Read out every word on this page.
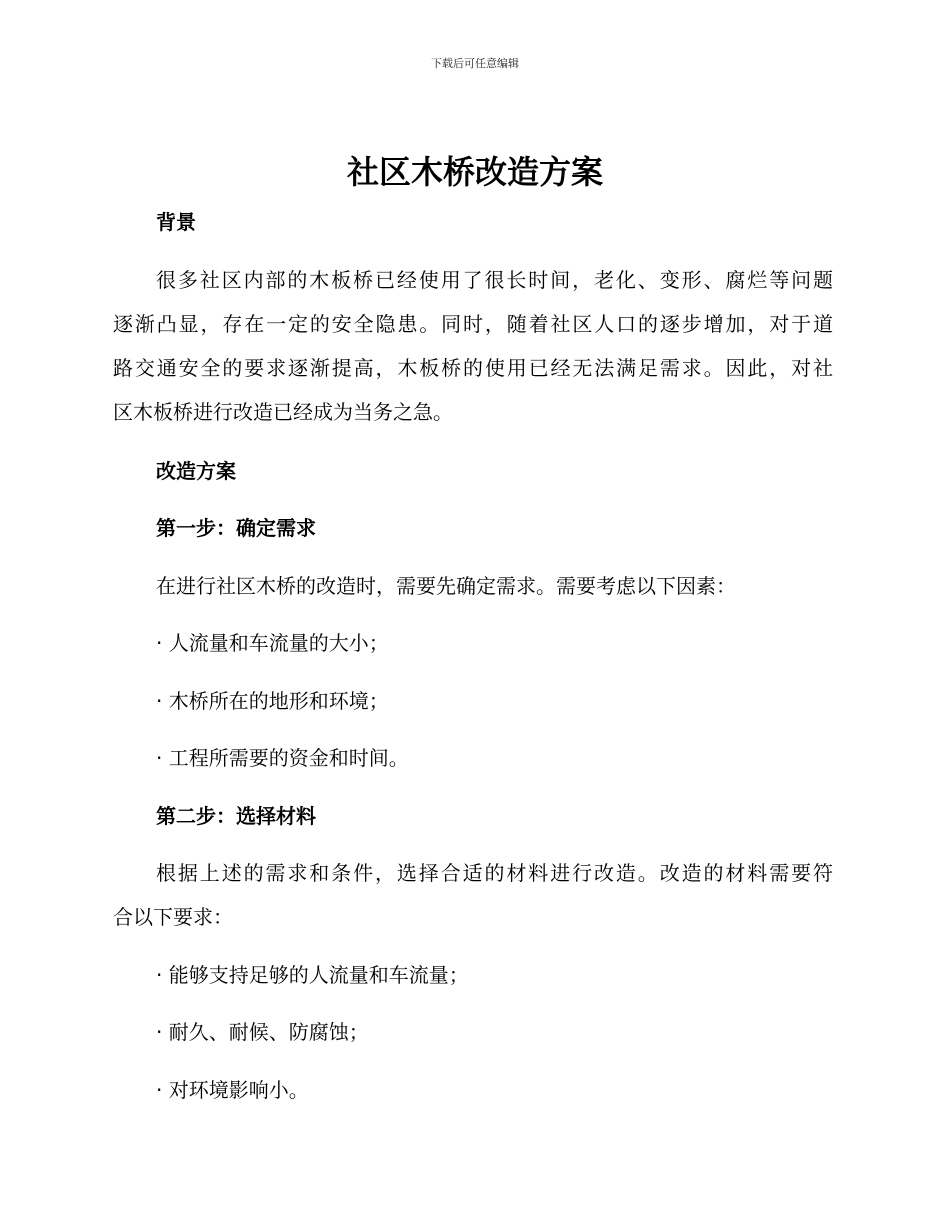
下载后可任意编辑
社区木桥改造方案
背景
很多社区内部的木板桥已经使用了很长时间，老化、变形、腐烂等问题
逐渐凸显，存在一定的安全隐患。同时，随着社区人口的逐步增加，对于道
路交通安全的要求逐渐提高，木板桥的使用已经无法满足需求。因此，对社
区木板桥进行改造已经成为当务之急。
改造方案
第一步：确定需求
在进行社区木桥的改造时，需要先确定需求。需要考虑以下因素：
· 人流量和车流量的大小；
· 木桥所在的地形和环境；
· 工程所需要的资金和时间。
第二步：选择材料
根据上述的需求和条件，选择合适的材料进行改造。改造的材料需要符
合以下要求：
· 能够支持足够的人流量和车流量；
· 耐久、耐候、防腐蚀；
· 对环境影响小。
